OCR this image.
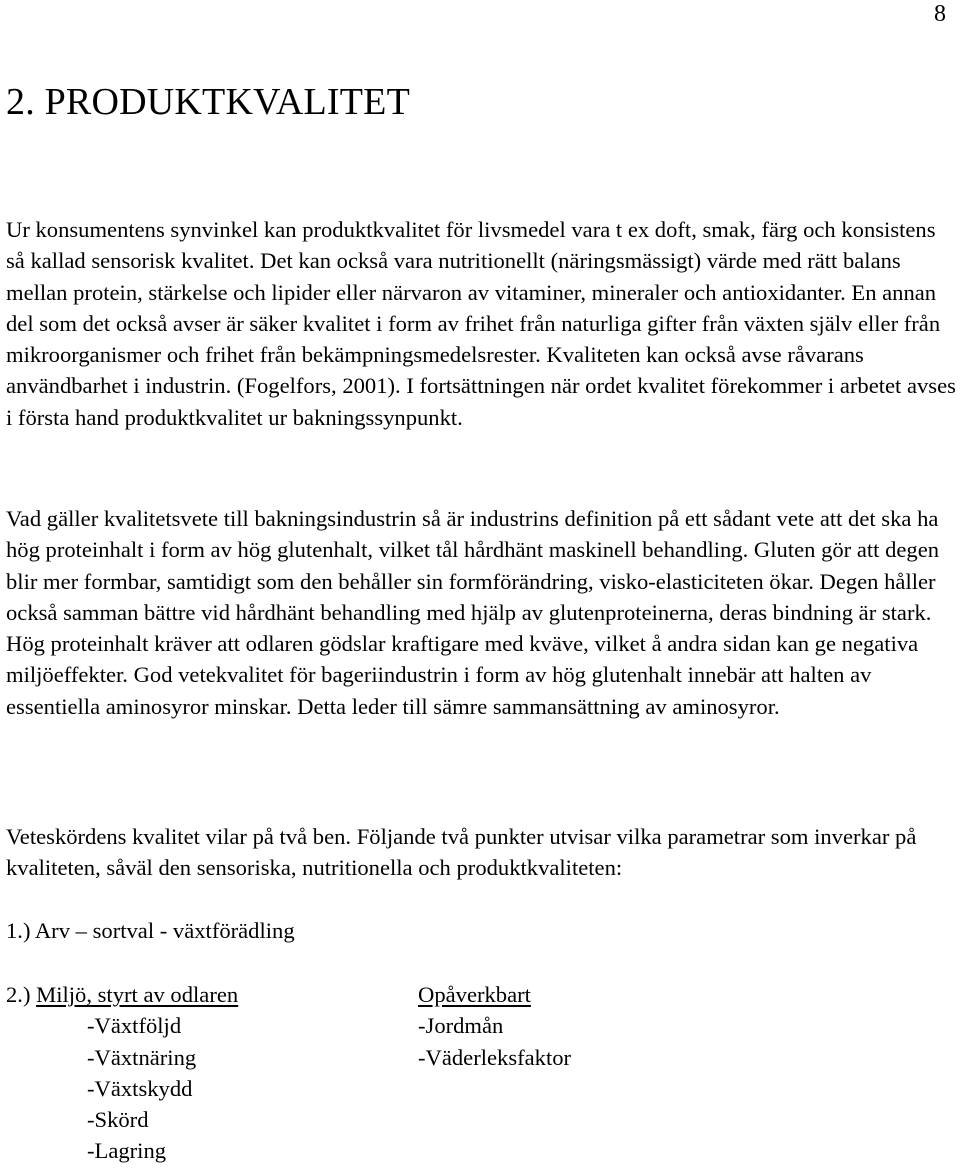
8
2. PRODUKTKVALITET

Ur konsumentens synvinkel kan produktkvalitet för livsmedel vara t ex doft, smak, färg och konsistens så kallad sensorisk kvalitet. Det kan också vara nutritionellt (näringsmässigt) värde med rätt balans mellan protein, stärkelse och lipider eller närvaron av vitaminer, mineraler och antioxidanter. En annan del som det också avser är säker kvalitet i form av frihet från naturliga gifter från växten själv eller från mikroorganismer och frihet från bekämpningsmedelsrester. Kvaliteten kan också avse råvarans användbarhet i industrin. (Fogelfors, 2001). I fortsättningen när ordet kvalitet förekommer i arbetet avses i första hand produktkvalitet ur bakningssynpunkt.

Vad gäller kvalitetsvete till bakningsindustrin så är industrins definition på ett sådant vete att det ska ha hög proteinhalt i form av hög glutenhalt, vilket tål hårdhänt maskinell behandling. Gluten gör att degen blir mer formbar, samtidigt som den behåller sin formförändring, visko-elasticiteten ökar. Degen håller också samman bättre vid hårdhänt behandling med hjälp av glutenproteinerna, deras bindning är stark. Hög proteinhalt kräver att odlaren gödslar kraftigare med kväve, vilket å andra sidan kan ge negativa miljöeffekter. God vetekvalitet för bageriindustrin i form av hög glutenhalt innebär att halten av essentiella aminosyror minskar. Detta leder till sämre sammansättning av aminosyror.

Veteskördens kvalitet vilar på två ben. Följande två punkter utvisar vilka parametrar som inverkar på kvaliteten, såväl den sensoriska, nutritionella och produktkvaliteten:

1.) Arv – sortval - växtförädling
2.) Miljö, styrt av odlaren
-Växtföljd
-Växtnäring
-Växtskydd
-Skörd
-Lagring
Opåverkbart
-Jordmån
-Väderleksfaktor
